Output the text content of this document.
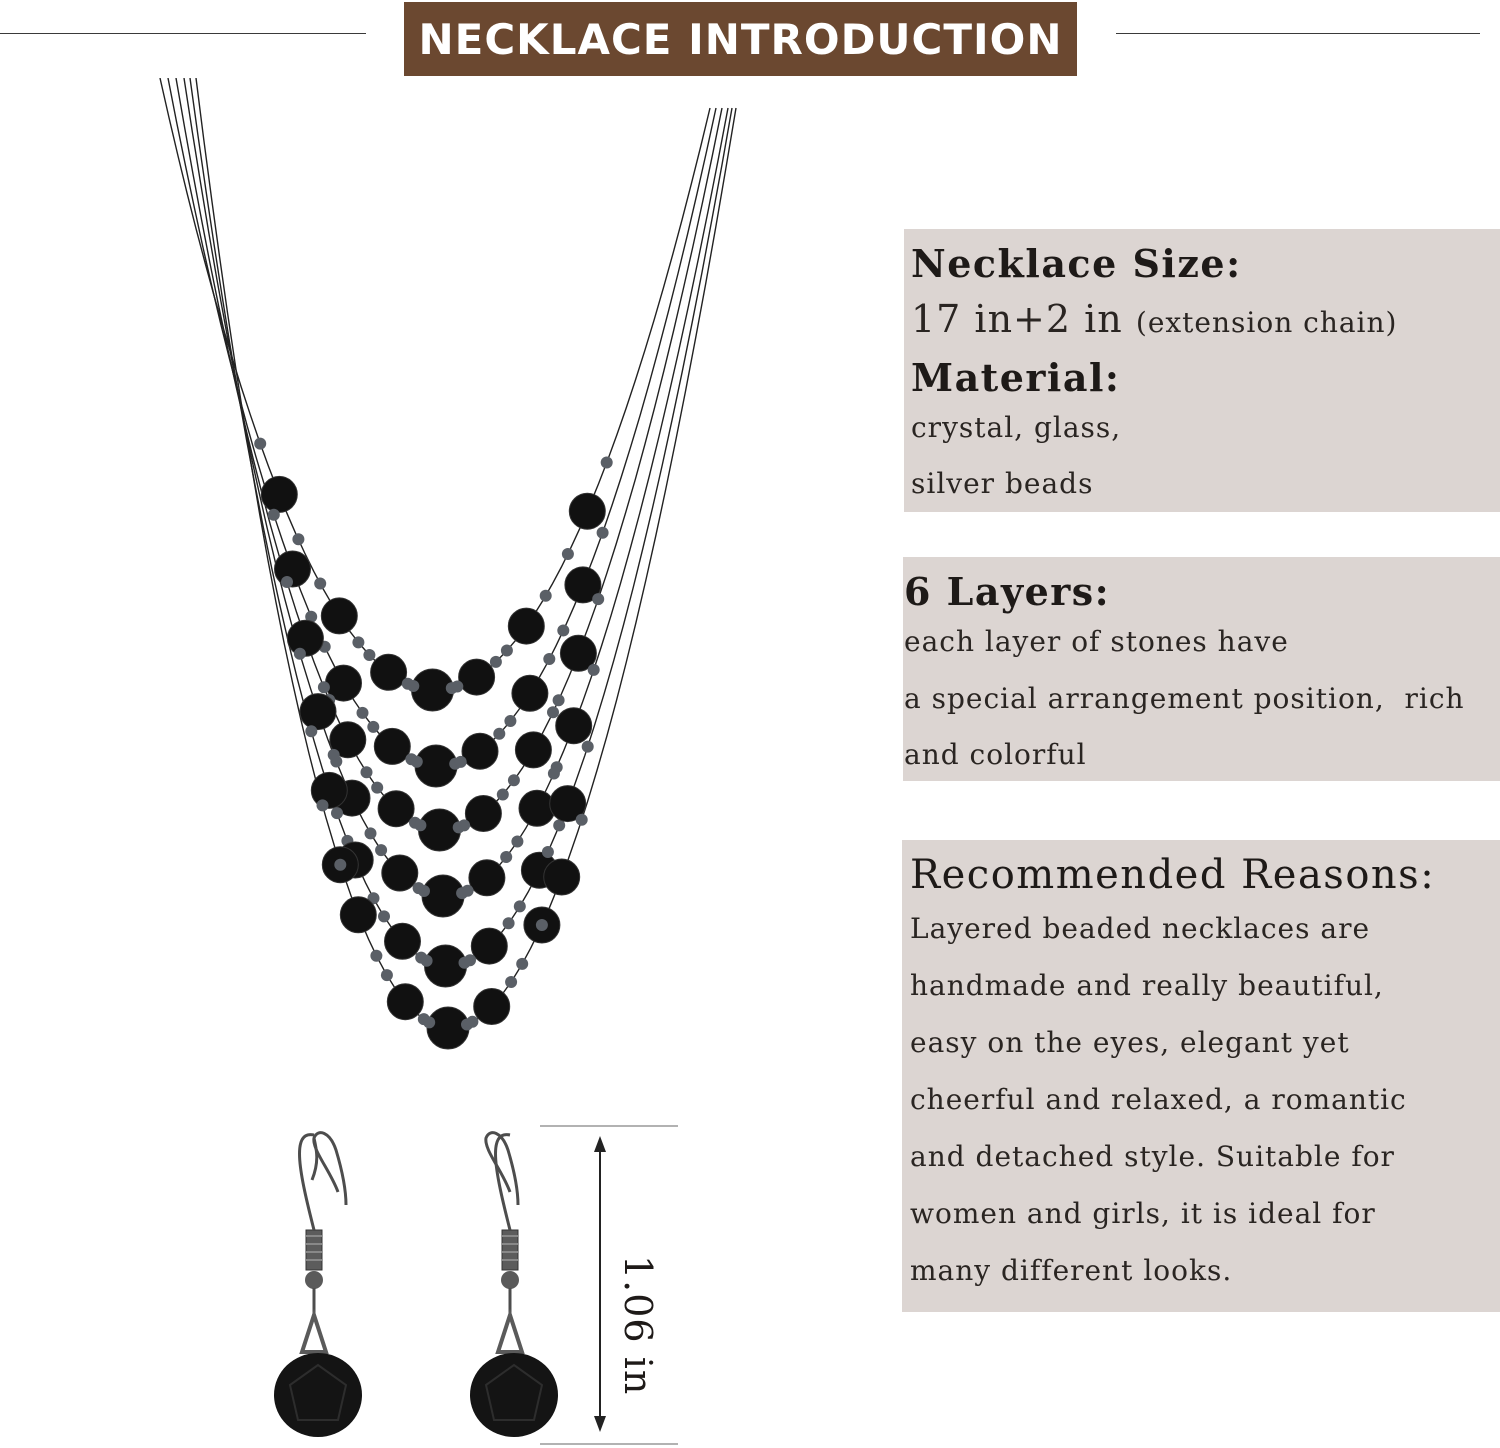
NECKLACE INTRODUCTION
1.06 in
Necklace Size:
17 in+2 in (extension chain)
Material:
crystal, glass,
silver beads
6 Layers:
each layer of stones have
a special arrangement position,  rich
and colorful
Recommended Reasons:
Layered beaded necklaces are
handmade and really beautiful,
easy on the eyes, elegant yet
cheerful and relaxed, a romantic
and detached style. Suitable for
women and girls, it is ideal for
many different looks.
